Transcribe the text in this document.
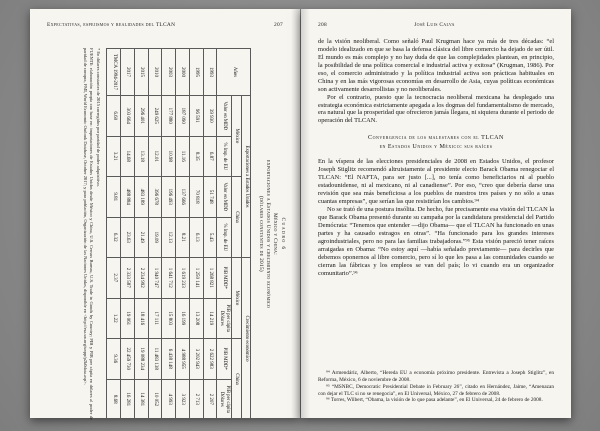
Expectativas, espejismos y realidades del TLCAN	207
Cuadro 6
México y China:
exportaciones a Estados Unidos y crecimiento económico
(dólares constantes de 2015)
Años	Exportaciones a Estados Unidos				Crecimiento económico			
	México		China		México		China	
	Valor en MDD	% Imp. de EU	Valor en MDD	% Imp. de EU	PIB MDD*	PIB per cápita Dólares	PIB MDD*	PIB per cápita Dólares
1993	39 930	6.87	51 748	5.43	1 268 821	14 219	2 622 983	2 207
1995	96 591	8.35	70 818	6.13	1 250 141	13 208	3 202 943	2 713
2000	187 090	11.16	137 666	8.21	1 619 233	16 199	4 988 955	3 923
2003	177 880	10.98	196 493	12.13	1 641 712	15 803	6 438 148	4 993
2010	249 625	12.01	396 678	19.09	1 940 747	17 111	11 483 138	10 052
2015	296 401	13.18	483 189	21.49	2 234 992	18 416	19 088 234	14 381
2017	303 664	14.68	488 884	23.63	2 333 587	19 061	22 459 730	16 281
TMCA 1994-2017	6.60	3.21	9.81	6.32	2.37	1.22	9.36	8.68
* En dólares constantes de 2015 corregidos por paridad de poder adquisitivo.
FUENTE: elaboración propia con base en: importaciones de Estados Unidos desde México y China, U.S. Census Bureau, U.S. Trade in Goods by Country; PIB y PIB per cápita en dólares al poder de paridad de compra, FMI, World Economic Outlook Database, October 2017; y para población, Organización de las Naciones Unidas, disponible en <http://esa.un.org/unpp/p2k0data.asp>.
208	José Luis Calva

de la visión neoliberal. Como señaló Paul Krugman hace ya más de tres décadas: “el modelo idealizado en que se basa la defensa clásica del libre comercio ha dejado de ser útil. El mundo es más complejo y no hay duda de que las complejidades plantean, en principio, la posibilidad de una política comercial e industrial activa y exitosa” (Krugman, 1986). Por eso, el comercio administrado y la política industrial activa son prácticas habituales en China y en las más vigorosas economías en desarrollo de Asia, cuyas políticas económicas son activamente desarrollistas y no neoliberales.

Por el contrario, puesto que la tecnocracia neoliberal mexicana ha desplegado una estrategia económica estrictamente apegada a los dogmas del fundamentalismo de mercado, era natural que la prosperidad que ofrecieron jamás llegara, ni siquiera durante el periodo de operación del TLCAN.

Convergencia de los malestares con el TLCAN
en Estados Unidos y México: sus raíces

En la víspera de las elecciones presidenciales de 2008 en Estados Unidos, el profesor Joseph Stiglitz recomendó altruistamente al presidente electo Barack Obama renegociar el TLCAN: “El NAFTA, para ser justo [...], no tenía como beneficiarios ni al pueblo estadounidense, ni al mexicano, ni al canadiense”. Por eso, “creo que debería darse una revisión que sea más beneficiosa a los pueblos de nuestros tres países y no sólo a unas cuantas empresas”, que serían las que resistirían los cambios.⁹⁴

No se trató de una postura insólita. De hecho, fue precisamente esa visión del TLCAN la que Barack Obama presentó durante su campaña por la candidatura presidencial del Partido Demócrata: “Tenemos que entender —dijo Obama— que el TLCAN ha funcionado en unas partes y ha causado estragos en otras”. “Ha funcionado para los grandes intereses agroindustriales, pero no para las familias trabajadoras.”⁹⁵ Esta visión pareció tener raíces arraigadas en Obama: “No estoy aquí —había señalado previamente— para decirles que debemos oponernos al libre comercio, pero sí lo que les pasa a las comunidades cuando se cierran las fábricas y los empleos se van del país; lo vi cuando era un organizador comunitario”.⁹⁶

⁹⁴ Armendáriz, Alberto, “Hereda EU a economía próximo presidente. Entrevista a Joseph Stiglitz”, en Reforma, México, 6 de noviembre de 2008.

⁹⁵ “MSNBC, Democratic Presidential Debate in February 26”, citado en Hernández, Jaime, “Amenazan con dejar el TLC si no se renegocia”, en El Universal, México, 27 de febrero de 2008.

⁹⁶ Torres, Wilbert, “Obama, la visión de lo que pasa adelante”, en El Universal, 24 de febrero de 2008.
